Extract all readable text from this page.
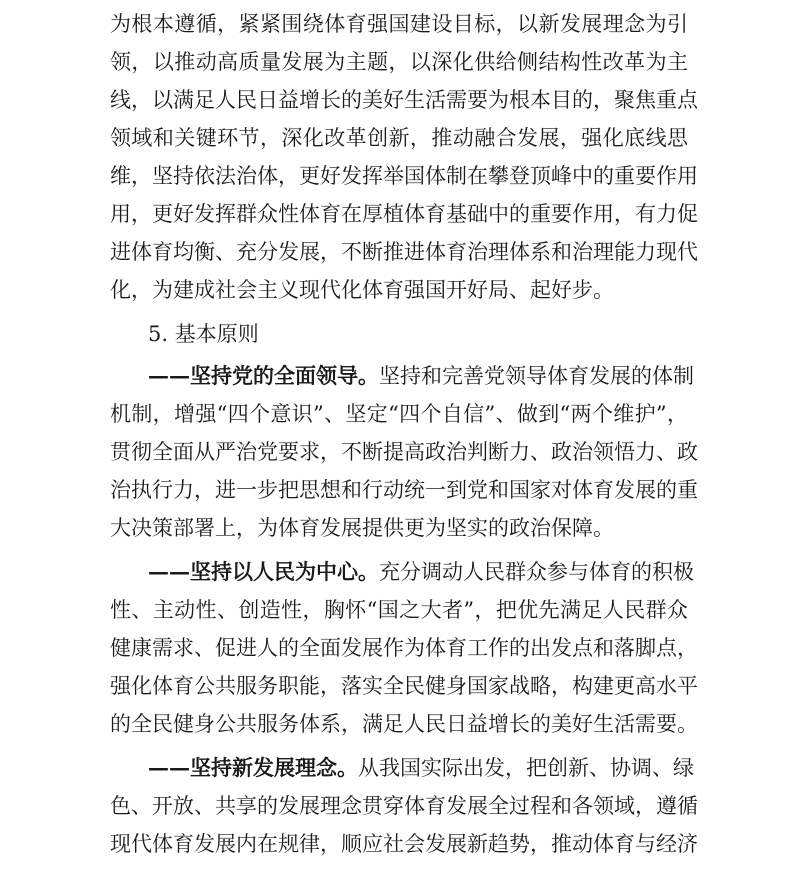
为根本遵循，紧紧围绕体育强国建设目标，以新发展理念为引
领，以推动高质量发展为主题，以深化供给侧结构性改革为主
线，以满足人民日益增长的美好生活需要为根本目的，聚焦重点
领域和关键环节，深化改革创新，推动融合发展，强化底线思
维，坚持依法治体，更好发挥举国体制在攀登顶峰中的重要作用
用，更好发挥群众性体育在厚植体育基础中的重要作用，有力促
进体育均衡、充分发展，不断推进体育治理体系和治理能力现代
化，为建成社会主义现代化体育强国开好局、起好步。
5. 基本原则
——坚持党的全面领导。坚持和完善党领导体育发展的体制
机制，增强“四个意识”、坚定“四个自信”、做到“两个维护”，
贯彻全面从严治党要求，不断提高政治判断力、政治领悟力、政
治执行力，进一步把思想和行动统一到党和国家对体育发展的重
大决策部署上，为体育发展提供更为坚实的政治保障。
——坚持以人民为中心。充分调动人民群众参与体育的积极
性、主动性、创造性，胸怀“国之大者”，把优先满足人民群众
健康需求、促进人的全面发展作为体育工作的出发点和落脚点，
强化体育公共服务职能，落实全民健身国家战略，构建更高水平
的全民健身公共服务体系，满足人民日益增长的美好生活需要。
——坚持新发展理念。从我国实际出发，把创新、协调、绿
色、开放、共享的发展理念贯穿体育发展全过程和各领域，遵循
现代体育发展内在规律，顺应社会发展新趋势，推动体育与经济
